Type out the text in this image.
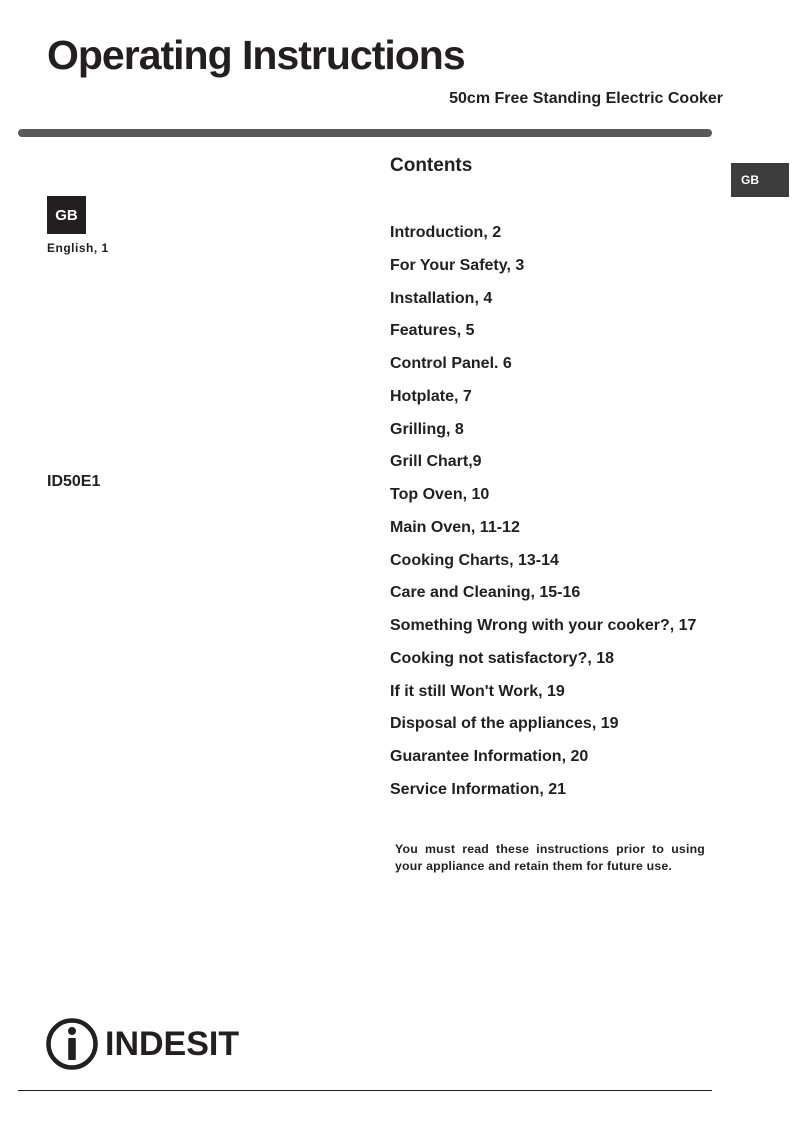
Operating Instructions
50cm Free Standing Electric Cooker
GB
GB
English, 1
ID50E1
Contents
Introduction, 2
For Your Safety, 3
Installation, 4
Features, 5
Control Panel. 6
Hotplate, 7
Grilling, 8
Grill Chart,9
Top Oven, 10
Main Oven, 11-12
Cooking Charts, 13-14
Care and Cleaning, 15-16
Something Wrong with your cooker?, 17
Cooking not satisfactory?, 18
If it still Won't Work, 19
Disposal of the appliances, 19
Guarantee Information, 20
Service Information, 21
You must read these instructions prior to using your appliance and retain them for future use.
INDESIT
